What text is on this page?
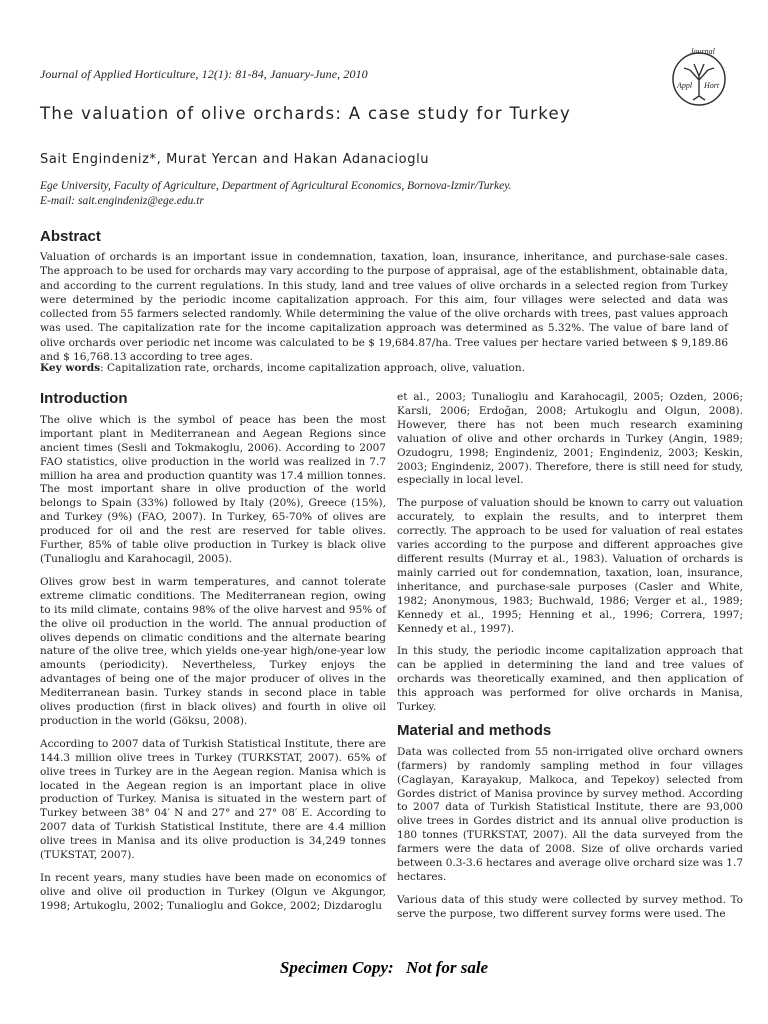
Journal of Applied Horticulture, 12(1): 81-84, January-June, 2010
Journal
Appl Hort
The valuation of olive orchards: A case study for Turkey
Sait Engindeniz*, Murat Yercan and Hakan Adanacioglu
Ege University, Faculty of Agriculture, Department of Agricultural Economics, Bornova-Izmir/Turkey.
E-mail: sait.engindeniz@ege.edu.tr
Abstract

Valuation of orchards is an important issue in condemnation, taxation, loan, insurance, inheritance, and purchase-sale cases. The approach to be used for orchards may vary according to the purpose of appraisal, age of the establishment, obtainable data, and according to the current regulations. In this study, land and tree values of olive orchards in a selected region from Turkey were determined by the periodic income capitalization approach. For this aim, four villages were selected and data was collected from 55 farmers selected randomly. While determining the value of the olive orchards with trees, past values approach was used. The capitalization rate for the income capitalization approach was determined as 5.32%. The value of bare land of olive orchards over periodic net income was calculated to be $ 19,684.87/ha. Tree values per hectare varied between $ 9,189.86 and $ 16,768.13 according to tree ages.

Key words: Capitalization rate, orchards, income capitalization approach, olive, valuation.

Introduction

The olive which is the symbol of peace has been the most important plant in Mediterranean and Aegean Regions since ancient times (Sesli and Tokmakoglu, 2006). According to 2007 FAO statistics, olive production in the world was realized in 7.7 million ha area and production quantity was 17.4 million tonnes. The most important share in olive production of the world belongs to Spain (33%) followed by Italy (20%), Greece (15%), and Turkey (9%) (FAO, 2007). In Turkey, 65-70% of olives are produced for oil and the rest are reserved for table olives. Further, 85% of table olive production in Turkey is black olive (Tunalioglu and Karahocagil, 2005).

Olives grow best in warm temperatures, and cannot tolerate extreme climatic conditions. The Mediterranean region, owing to its mild climate, contains 98% of the olive harvest and 95% of the olive oil production in the world. The annual production of olives depends on climatic conditions and the alternate bearing nature of the olive tree, which yields one-year high/one-year low amounts (periodicity). Nevertheless, Turkey enjoys the advantages of being one of the major producer of olives in the Mediterranean basin. Turkey stands in second place in table olives production (first in black olives) and fourth in olive oil production in the world (Göksu, 2008).

According to 2007 data of Turkish Statistical Institute, there are 144.3 million olive trees in Turkey (TURKSTAT, 2007). 65% of olive trees in Turkey are in the Aegean region. Manisa which is located in the Aegean region is an important place in olive production of Turkey. Manisa is situated in the western part of Turkey between 38° 04′ N and 27° and 27° 08′ E. According to 2007 data of Turkish Statistical Institute, there are 4.4 million olive trees in Manisa and its olive production is 34,249 tonnes (TUKSTAT, 2007).

In recent years, many studies have been made on economics of olive and olive oil production in Turkey (Olgun ve Akgungor, 1998; Artukoglu, 2002; Tunalioglu and Gokce, 2002; Dizdaroglu

et al., 2003; Tunalioglu and Karahocagil, 2005; Ozden, 2006; Karsli, 2006; Erdoğan, 2008; Artukoglu and Olgun, 2008). However, there has not been much research examining valuation of olive and other orchards in Turkey (Angin, 1989; Ozudogru, 1998; Engindeniz, 2001; Engindeniz, 2003; Keskin, 2003; Engindeniz, 2007). Therefore, there is still need for study, especially in local level.

The purpose of valuation should be known to carry out valuation accurately, to explain the results, and to interpret them correctly. The approach to be used for valuation of real estates varies according to the purpose and different approaches give different results (Murray et al., 1983). Valuation of orchards is mainly carried out for condemnation, taxation, loan, insurance, inheritance, and purchase-sale purposes (Casler and White, 1982; Anonymous, 1983; Buchwald, 1986; Verger et al., 1989; Kennedy et al., 1995; Henning et al., 1996; Correra, 1997; Kennedy et al., 1997).

In this study, the periodic income capitalization approach that can be applied in determining the land and tree values of orchards was theoretically examined, and then application of this approach was performed for olive orchards in Manisa, Turkey.

Material and methods

Data was collected from 55 non-irrigated olive orchard owners (farmers) by randomly sampling method in four villages (Caglayan, Karayakup, Malkoca, and Tepekoy) selected from Gordes district of Manisa province by survey method. According to 2007 data of Turkish Statistical Institute, there are 93,000 olive trees in Gordes district and its annual olive production is 180 tonnes (TURKSTAT, 2007). All the data surveyed from the farmers were the data of 2008. Size of olive orchards varied between 0.3-3.6 hectares and average olive orchard size was 1.7 hectares.

Various data of this study were collected by survey method. To serve the purpose, two different survey forms were used. The

Specimen Copy: Not for sale
